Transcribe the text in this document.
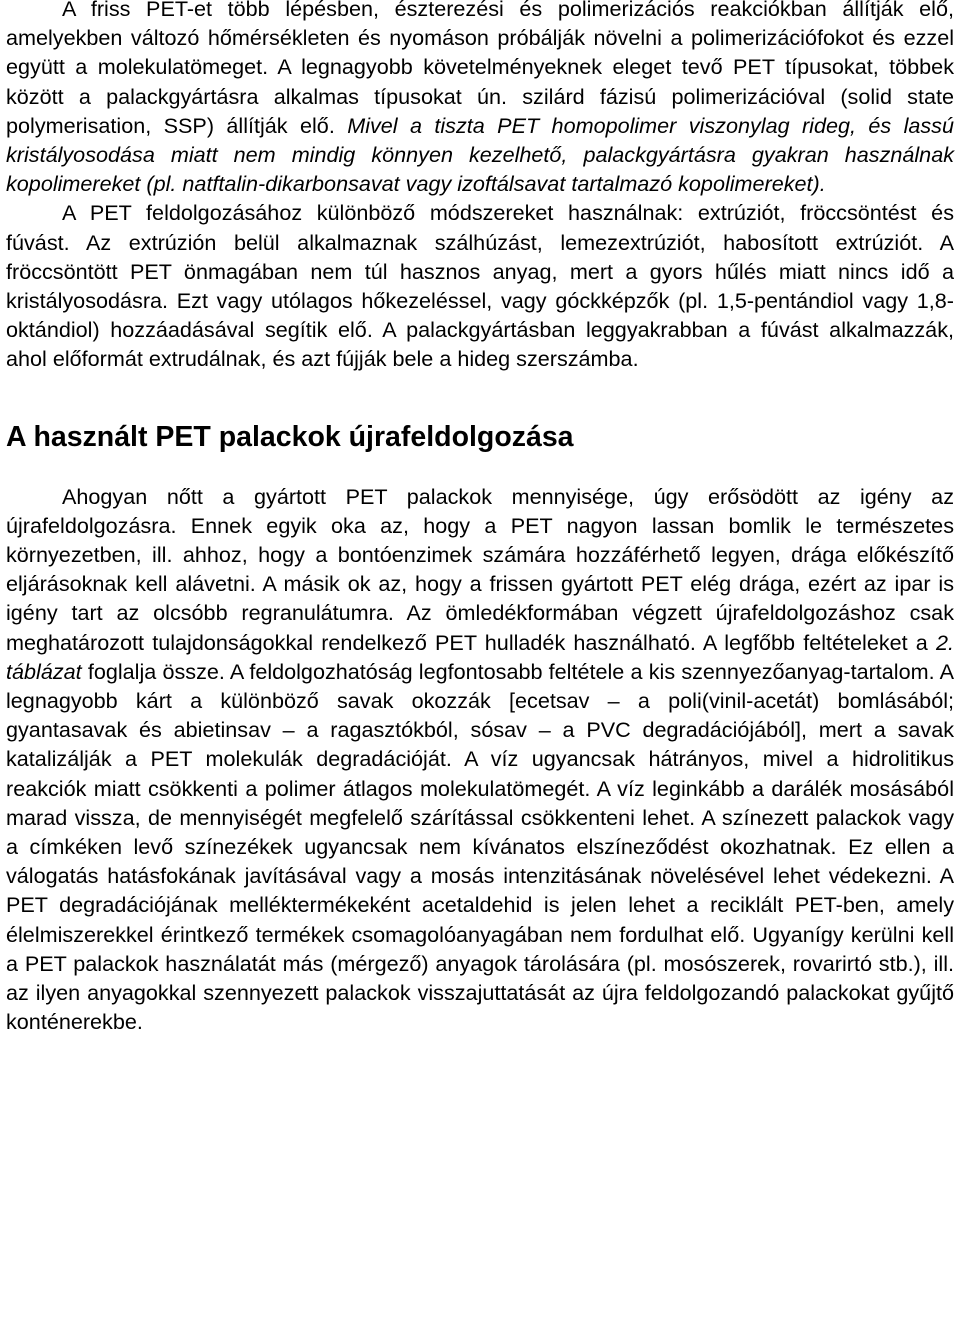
A friss PET-et több lépésben, észterezési és polimerizációs reakciókban állítják elő, amelyekben változó hőmérsékleten és nyomáson próbálják növelni a polimerizációfokot és ezzel együtt a molekulatömeget. A legnagyobb követelményeknek eleget tevő PET típusokat, többek között a palackgyártásra alkalmas típusokat ún. szilárd fázisú polimerizációval (solid state polymerisation, SSP) állítják elő. Mivel a tiszta PET homopolimer viszonylag rideg, és lassú kristályosodása miatt nem mindig könnyen kezelhető, palackgyártásra gyakran használnak kopolimereket (pl. natftalin-dikarbonsavat vagy izoftálsavat tartalmazó kopolimereket).

A PET feldolgozásához különböző módszereket használnak: extrúziót, fröccsöntést és fúvást. Az extrúzión belül alkalmaznak szálhúzást, lemezextrúziót, habosított extrúziót. A fröccsöntött PET önmagában nem túl hasznos anyag, mert a gyors hűlés miatt nincs idő a kristályosodásra. Ezt vagy utólagos hőkezeléssel, vagy góckképzők (pl. 1,5-pentándiol vagy 1,8-oktándiol) hozzáadásával segítik elő. A palackgyártásban leggyakrabban a fúvást alkalmazzák, ahol előformát extrudálnak, és azt fújják bele a hideg szerszámba.

A használt PET palackok újrafeldolgozása

Ahogyan nőtt a gyártott PET palackok mennyisége, úgy erősödött az igény az újrafeldolgozásra. Ennek egyik oka az, hogy a PET nagyon lassan bomlik le természetes környezetben, ill. ahhoz, hogy a bontóenzimek számára hozzáférhető legyen, drága előkészítő eljárásoknak kell alávetni. A másik ok az, hogy a frissen gyártott PET elég drága, ezért az ipar is igény tart az olcsóbb regranulátumra. Az ömledékformában végzett újrafeldolgozáshoz csak meghatározott tulajdonságokkal rendelkező PET hulladék használható. A legfőbb feltételeket a 2. táblázat foglalja össze. A feldolgozhatóság legfontosabb feltétele a kis szennyezőanyag-tartalom. A legnagyobb kárt a különböző savak okozzák [ecetsav – a poli(vinil-acetát) bomlásából; gyantasavak és abietinsav – a ragasztókból, sósav – a PVC degradációjából], mert a savak katalizálják a PET molekulák degradációját. A víz ugyancsak hátrányos, mivel a hidrolitikus reakciók miatt csökkenti a polimer átlagos molekulatömegét. A víz leginkább a darálék mosásából marad vissza, de mennyiségét megfelelő szárítással csökkenteni lehet. A színezett palackok vagy a címkéken levő színezékek ugyancsak nem kívánatos elszíneződést okozhatnak. Ez ellen a válogatás hatásfokának javításával vagy a mosás intenzitásának növelésével lehet védekezni. A PET degradációjának melléktermékeként acetaldehid is jelen lehet a reciklált PET-ben, amely élelmiszerekkel érintkező termékek csomagolóanyagában nem fordulhat elő. Ugyanígy kerülni kell a PET palackok használatát más (mérgező) anyagok tárolására (pl. mosószerek, rovarirtó stb.), ill. az ilyen anyagokkal szennyezett palackok visszajuttatását az újra feldolgozandó palackokat gyűjtő konténerekbe.
